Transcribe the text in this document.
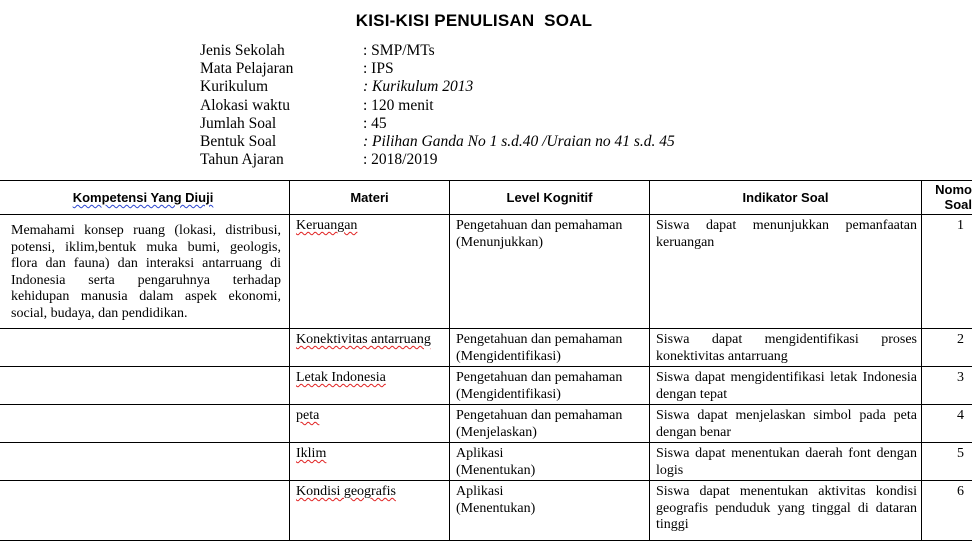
KISI-KISI PENULISAN  SOAL
Jenis Sekolah	: SMP/MTs
Mata Pelajaran	: IPS
Kurikulum	: Kurikulum 2013
Alokasi waktu	: 120 menit
Jumlah Soal	: 45
Bentuk Soal	: Pilihan Ganda No 1 s.d.40 /Uraian no 41 s.d. 45
Tahun Ajaran	: 2018/2019
Kompetensi Yang Diuji	Materi	Level Kognitif	Indikator Soal	Nomo
Soal

Memahami konsep ruang (lokasi, distribusi, potensi, iklim,bentuk muka bumi, geologis, flora dan fauna) dan interaksi antarruang di Indonesia serta pengaruhnya terhadap kehidupan manusia dalam aspek ekonomi, social, budaya, dan pendidikan.	Keruangan	Pengetahuan dan pemahaman
(Menunjukkan)	Siswa dapat menunjukkan pemanfaatan keruangan	1
	Konektivitas antarruang	Pengetahuan dan pemahaman
(Mengidentifikasi)	Siswa dapat mengidentifikasi proses konektivitas antarruang	2
	Letak Indonesia	Pengetahuan dan pemahaman
(Mengidentifikasi)	Siswa dapat mengidentifikasi letak Indonesia dengan tepat	3
	peta	Pengetahuan dan pemahaman
(Menjelaskan)	Siswa dapat menjelaskan simbol pada peta dengan benar	4
	Iklim	Aplikasi
(Menentukan)	Siswa dapat menentukan daerah font dengan logis	5
	Kondisi geografis	Aplikasi
(Menentukan)	Siswa dapat menentukan aktivitas kondisi geografis penduduk yang tinggal di dataran tinggi	6
